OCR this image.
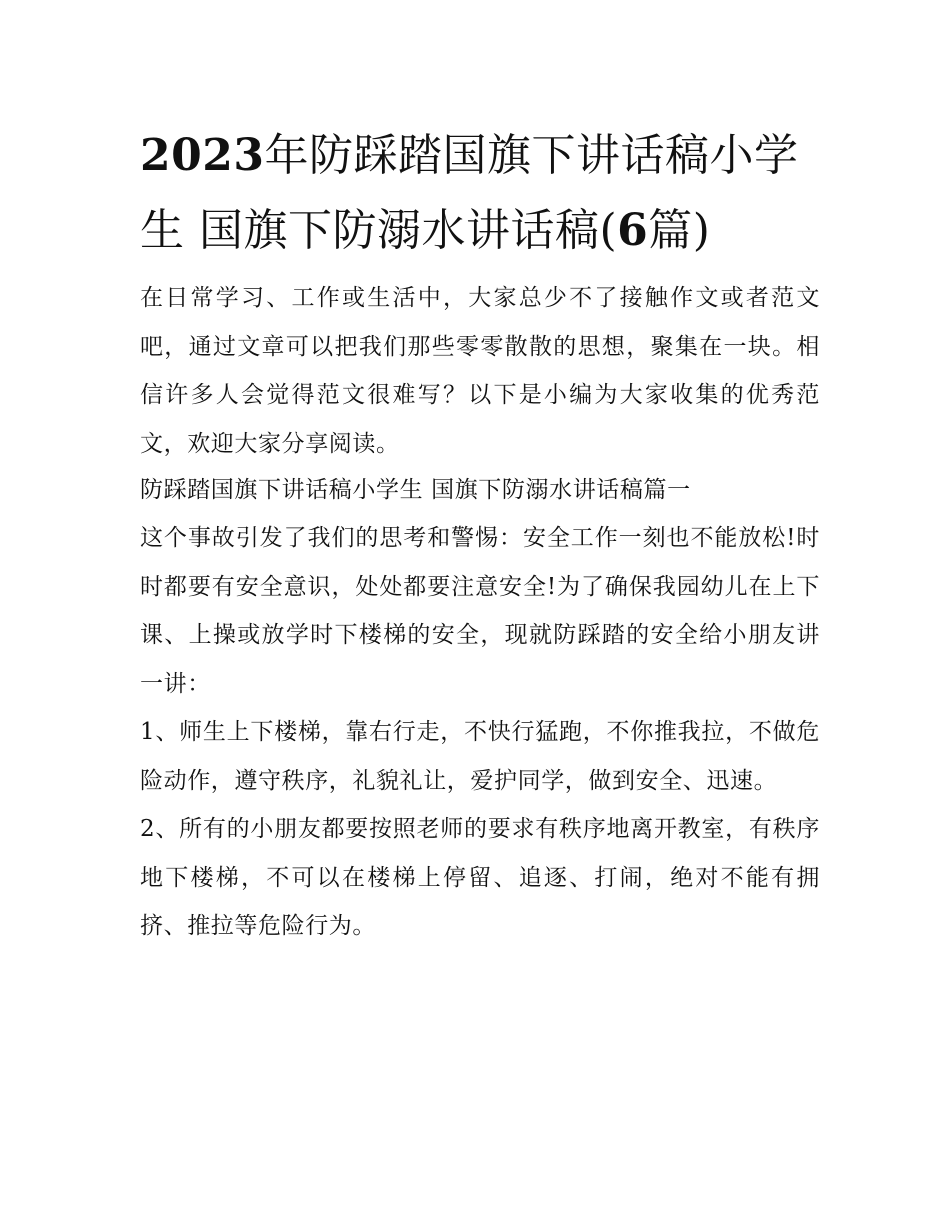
2023年防踩踏国旗下讲话稿小学生 国旗下防溺水讲话稿(6篇)

在日常学习、工作或生活中，大家总少不了接触作文或者范文吧，通过文章可以把我们那些零零散散的思想，聚集在一块。相信许多人会觉得范文很难写？以下是小编为大家收集的优秀范文，欢迎大家分享阅读。

防踩踏国旗下讲话稿小学生 国旗下防溺水讲话稿篇一

这个事故引发了我们的思考和警惕：安全工作一刻也不能放松!时时都要有安全意识，处处都要注意安全!为了确保我园幼儿在上下课、上操或放学时下楼梯的安全，现就防踩踏的安全给小朋友讲一讲：

1、师生上下楼梯，靠右行走，不快行猛跑，不你推我拉，不做危险动作，遵守秩序，礼貌礼让，爱护同学，做到安全、迅速。

2、所有的小朋友都要按照老师的要求有秩序地离开教室，有秩序地下楼梯，不可以在楼梯上停留、追逐、打闹，绝对不能有拥挤、推拉等危险行为。
